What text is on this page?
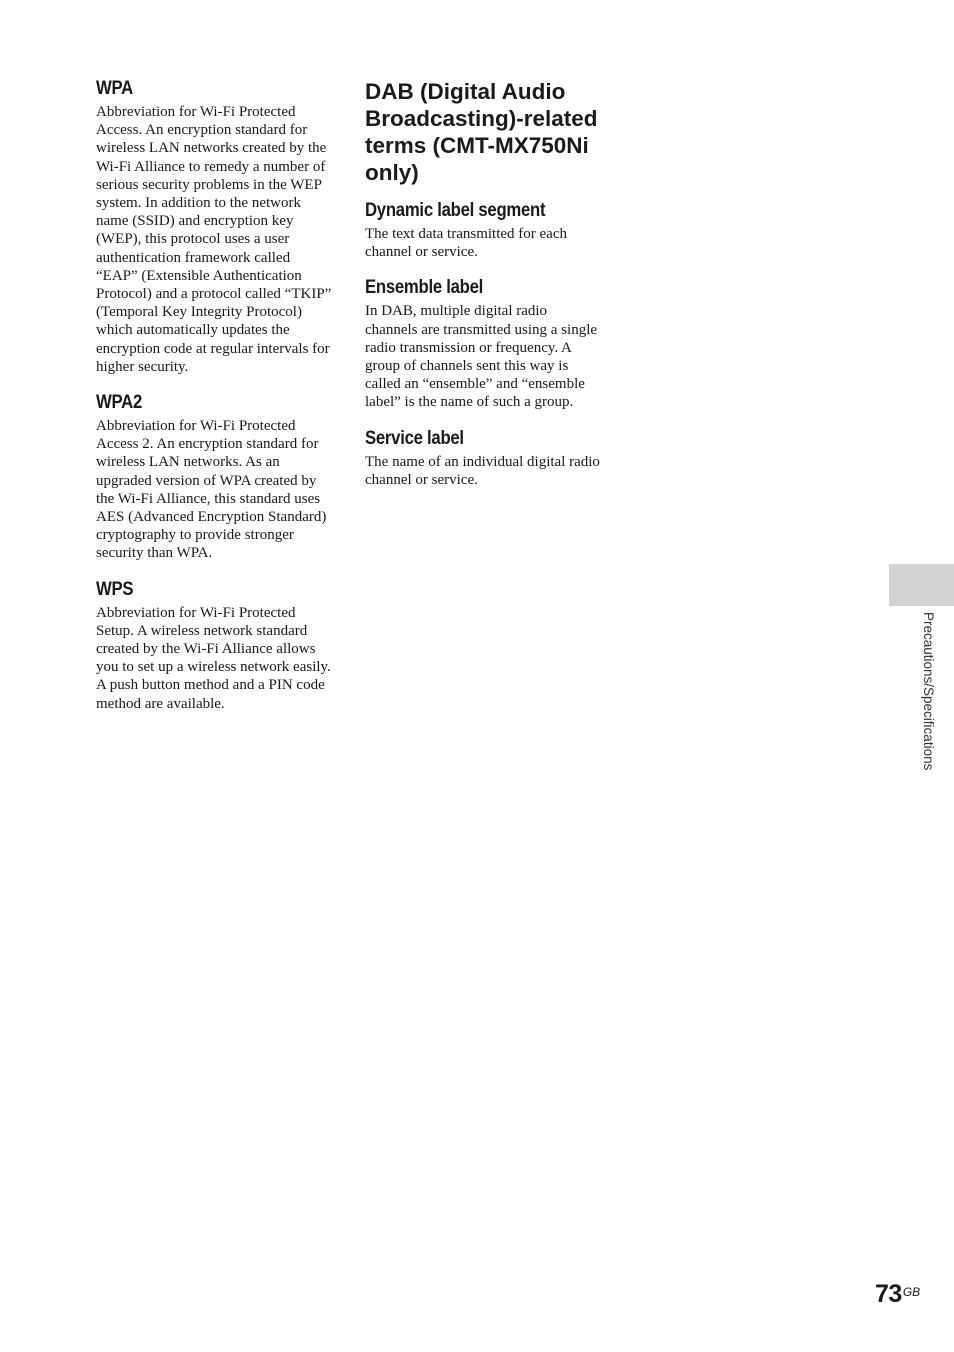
WPA

Abbreviation for Wi-Fi Protected Access. An encryption standard for wireless LAN networks created by the Wi-Fi Alliance to remedy a number of serious security problems in the WEP system. In addition to the network name (SSID) and encryption key (WEP), this protocol uses a user authentication framework called “EAP” (Extensible Authentication Protocol) and a protocol called “TKIP” (Temporal Key Integrity Protocol) which automatically updates the encryption code at regular intervals for higher security.

WPA2

Abbreviation for Wi-Fi Protected Access 2. An encryption standard for wireless LAN networks. As an upgraded version of WPA created by the Wi-Fi Alliance, this standard uses AES (Advanced Encryption Standard) cryptography to provide stronger security than WPA.

WPS

Abbreviation for Wi-Fi Protected Setup. A wireless network standard created by the Wi-Fi Alliance allows you to set up a wireless network easily. A push button method and a PIN code method are available.

DAB (Digital Audio Broadcasting)-related terms (CMT-MX750Ni only)
Dynamic label segment

The text data transmitted for each channel or service.

Ensemble label

In DAB, multiple digital radio channels are transmitted using a single radio transmission or frequency. A group of channels sent this way is called an “ensemble” and “ensemble label” is the name of such a group.

Service label

The name of an individual digital radio channel or service.

Precautions/Specifications
$73^{GB}$
